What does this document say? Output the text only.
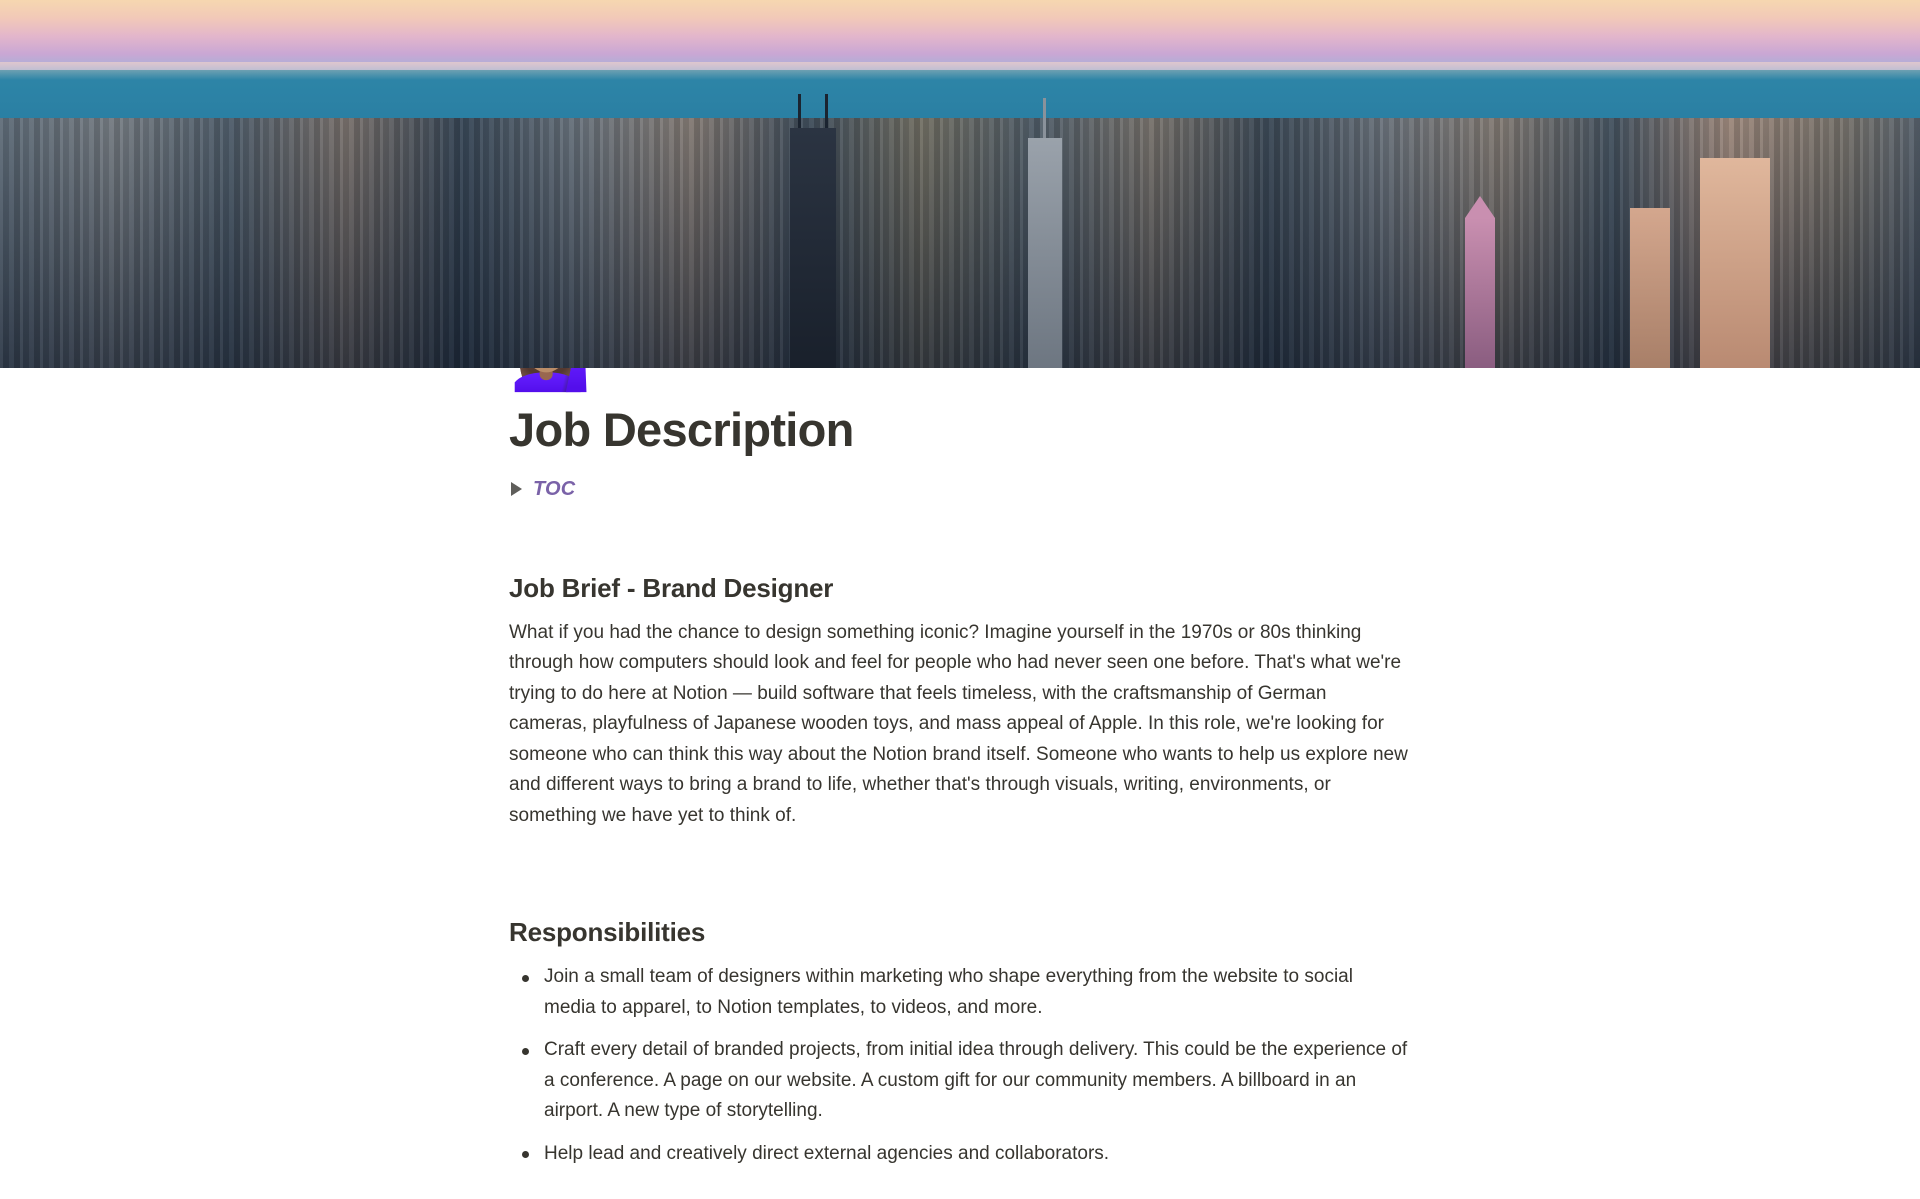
Job Description
TOC
Job Brief - Brand Designer

What if you had the chance to design something iconic? Imagine yourself in the 1970s or 80s thinking through how computers should look and feel for people who had never seen one before. That's what we're trying to do here at Notion — build software that feels timeless, with the craftsmanship of German cameras, playfulness of Japanese wooden toys, and mass appeal of Apple. In this role, we're looking for someone who can think this way about the Notion brand itself. Someone who wants to help us explore new and different ways to bring a brand to life, whether that's through visuals, writing, environments, or something we have yet to think of.

Responsibilities
Join a small team of designers within marketing who shape everything from the website to social media to apparel, to Notion templates, to videos, and more.
Craft every detail of branded projects, from initial idea through delivery. This could be the experience of a conference. A page on our website. A custom gift for our community members. A billboard in an airport. A new type of storytelling.
Help lead and creatively direct external agencies and collaborators.
